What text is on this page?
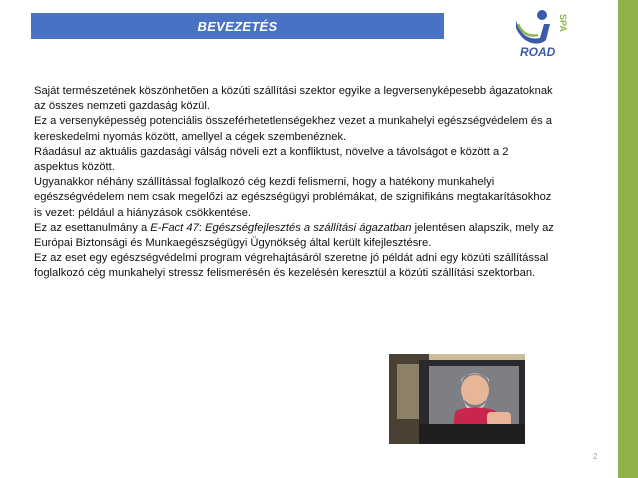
BEVEZETÉS
ROAD
SPA

Saját természetének köszönhetően a közúti szállítási szektor egyike a legversenyképesebb ágazatoknak az összes nemzeti gazdaság közül.

Ez a versenyképesség potenciális összeférhetetlenségekhez vezet a munkahelyi egészségvédelem és a kereskedelmi nyomás között, amellyel a cégek szembenéznek.

Ráadásul az aktuális gazdasági válság növeli ezt a konfliktust, növelve a távolságot e között a 2 aspektus között.

Ugyanakkor néhány szállítással foglalkozó cég kezdi felismerni, hogy a hatékony munkahelyi egészségvédelem nem csak megelőzi az egészségügyi problémákat, de szignifikáns megtakarításokhoz is vezet: például a hiányzások csökkentése.

Ez az esettanulmány a E-Fact 47: Egészségfejlesztés a szállítási ágazatban jelentésen alapszik, mely az Európai Biztonsági és Munkaegészségügyi Ügynökség által került kifejlesztésre.

Ez az eset egy egészségvédelmi program végrehajtásáról szeretne jó példát adni egy közúti szállítással foglalkozó cég munkahelyi stressz felismerésén és kezelésén keresztül a közúti szállítási szektorban.

2
